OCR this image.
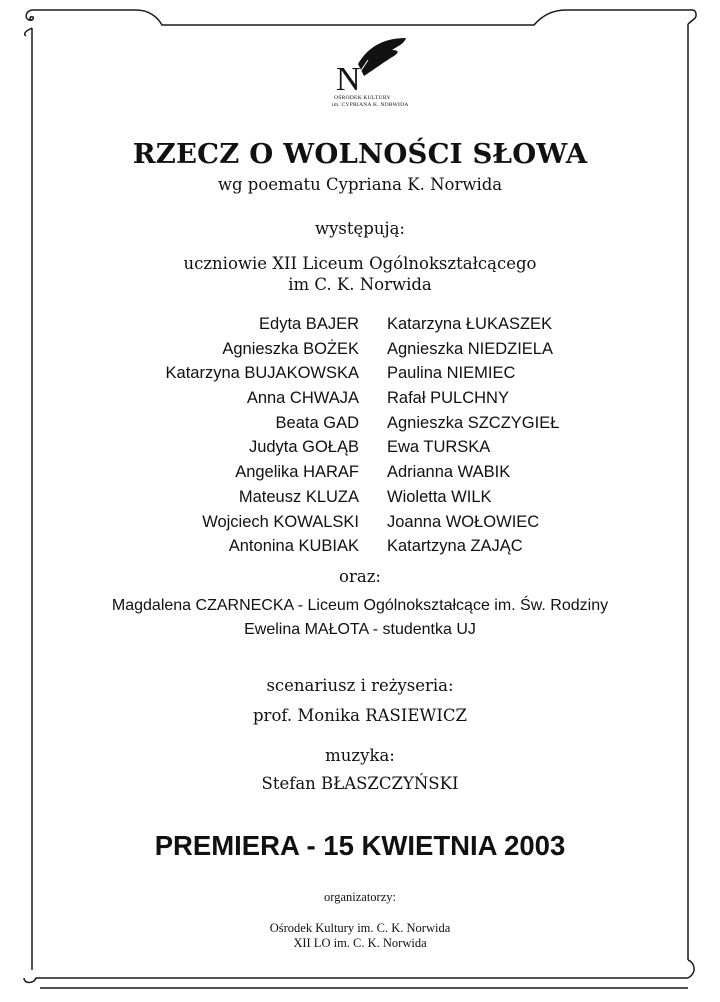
N
OŚRODEK KULTURY
im. CYPRIANA K. NORWIDA
RZECZ O WOLNOŚCI SŁOWA
wg poematu Cypriana K. Norwida
występują:
uczniowie XII Liceum Ogólnokształcącego
im C. K. Norwida
Edyta BAJER
Agnieszka BOŻEK
Katarzyna BUJAKOWSKA
Anna CHWAJA
Beata GAD
Judyta GOŁĄB
Angelika HARAF
Mateusz KLUZA
Wojciech KOWALSKI
Antonina KUBIAK
Katarzyna ŁUKASZEK
Agnieszka NIEDZIELA
Paulina NIEMIEC
Rafał PULCHNY
Agnieszka SZCZYGIEŁ
Ewa TURSKA
Adrianna WABIK
Wioletta WILK
Joanna WOŁOWIEC
Katartzyna ZAJĄC
oraz:
Magdalena CZARNECKA - Liceum Ogólnokształcące im. Św. Rodziny
Ewelina MAŁOTA - studentka UJ
scenariusz i reżyseria:
prof. Monika RASIEWICZ
muzyka:
Stefan BŁASZCZYŃSKI
PREMIERA - 15 KWIETNIA 2003
organizatorzy:
Ośrodek Kultury im. C. K. Norwida
XII LO im. C. K. Norwida
